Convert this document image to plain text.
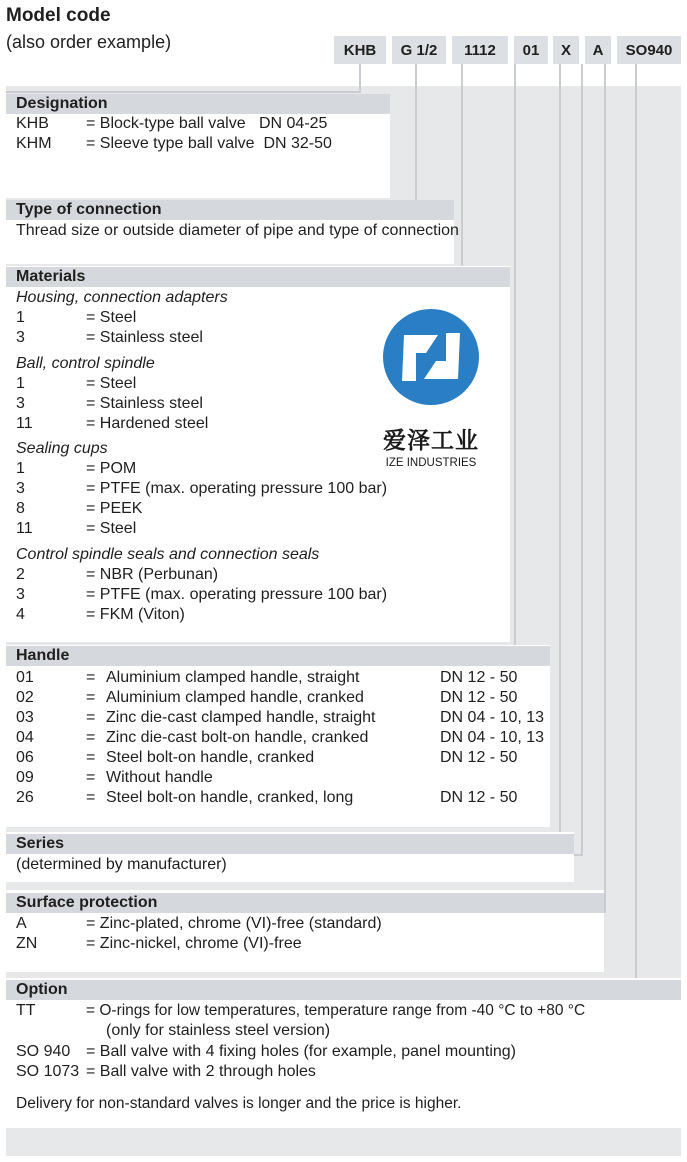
Model code
(also order example)	KHB	G 1/2	1112	01	X	A	SO940
Designation
KHB = Block-type ball valve   DN 04-25
KHM = Sleeve type ball valve  DN 32-50
Type of connection
Thread size or outside diameter of pipe and type of connection
Materials
Housing, connection adapters
1	= Steel
3	= Stainless steel
Ball, control spindle
1	= Steel
3	= Stainless steel
11	= Hardened steel
Sealing cups
1	= POM
3	= PTFE (max. operating pressure 100 bar)
8	= PEEK
11	= Steel
Control spindle seals and connection seals
2	= NBR (Perbunan)
3	= PTFE (max. operating pressure 100 bar)
4	= FKM (Viton)
爱泽工业
IZE INDUSTRIES
Handle
01	= Aluminium clamped handle, straight	DN 12 - 50
02	= Aluminium clamped handle, cranked	DN 12 - 50
03	= Zinc die-cast clamped handle, straight	DN 04 - 10, 13
04	= Zinc die-cast bolt-on handle, cranked	DN 04 - 10, 13
06	= Steel bolt-on handle, cranked	DN 12 - 50
09	= Without handle
26	= Steel bolt-on handle, cranked, long	DN 12 - 50
Series
(determined by manufacturer)
Surface protection
A	= Zinc-plated, chrome (VI)-free (standard)
ZN	= Zinc-nickel, chrome (VI)-free
Option
TT	= O-rings for low temperatures, temperature range from -40 °C to +80 °C
(only for stainless steel version)
SO 940 = Ball valve with 4 fixing holes (for example, panel mounting)
SO 1073 = Ball valve with 2 through holes
Delivery for non-standard valves is longer and the price is higher.
